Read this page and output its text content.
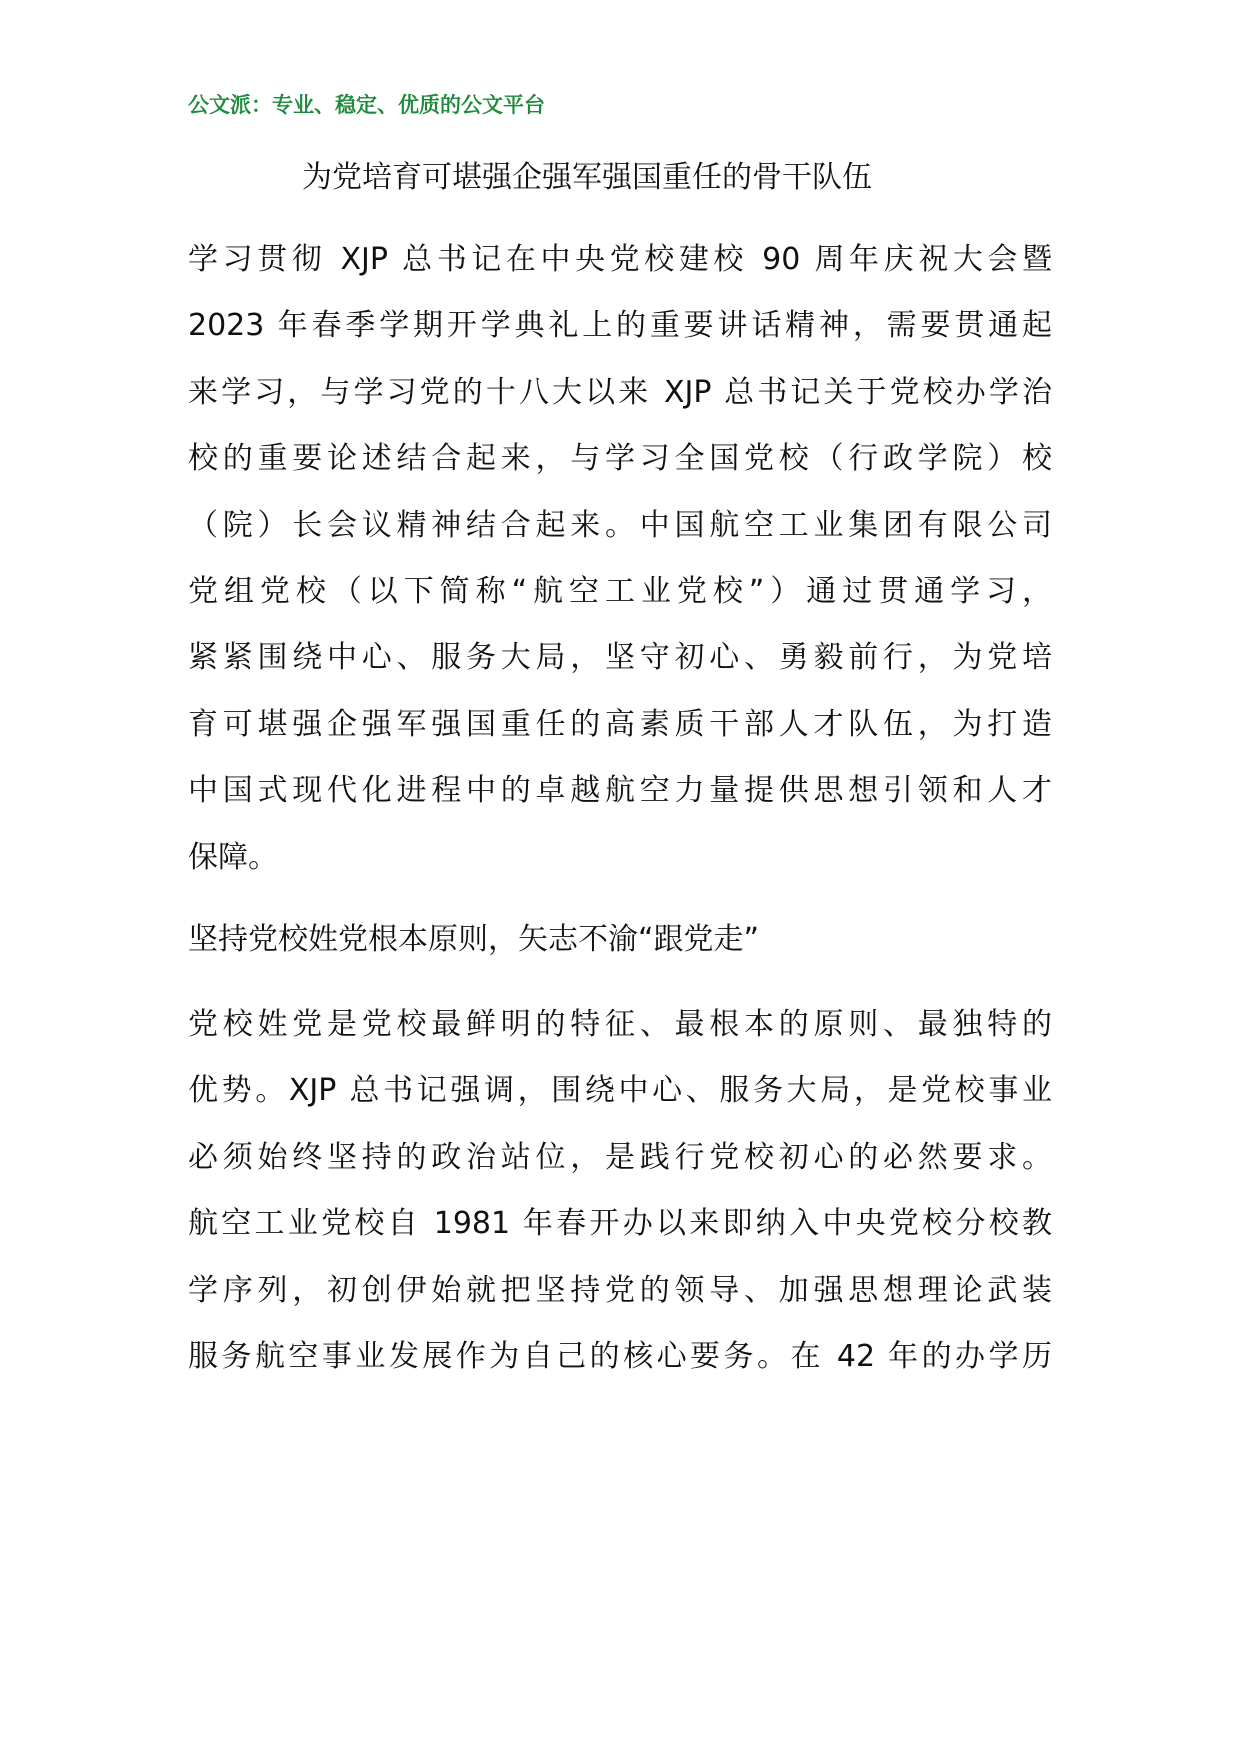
公文派：专业、稳定、优质的公文平台
为党培育可堪强企强军强国重任的骨干队伍
学习贯彻 XJP 总书记在中央党校建校 90 周年庆祝大会暨
2023 年春季学期开学典礼上的重要讲话精神，需要贯通起
来学习，与学习党的十八大以来 XJP 总书记关于党校办学治
校的重要论述结合起来，与学习全国党校（行政学院）校
（院）长会议精神结合起来。中国航空工业集团有限公司
党组党校（以下简称“航空工业党校”）通过贯通学习，
紧紧围绕中心、服务大局，坚守初心、勇毅前行，为党培
育可堪强企强军强国重任的高素质干部人才队伍，为打造
中国式现代化进程中的卓越航空力量提供思想引领和人才
保障。
坚持党校姓党根本原则，矢志不渝“跟党走”
党校姓党是党校最鲜明的特征、最根本的原则、最独特的
优势。XJP 总书记强调，围绕中心、服务大局，是党校事业
必须始终坚持的政治站位，是践行党校初心的必然要求。
航空工业党校自 1981 年春开办以来即纳入中央党校分校教
学序列，初创伊始就把坚持党的领导、加强思想理论武装
服务航空事业发展作为自己的核心要务。在 42 年的办学历
